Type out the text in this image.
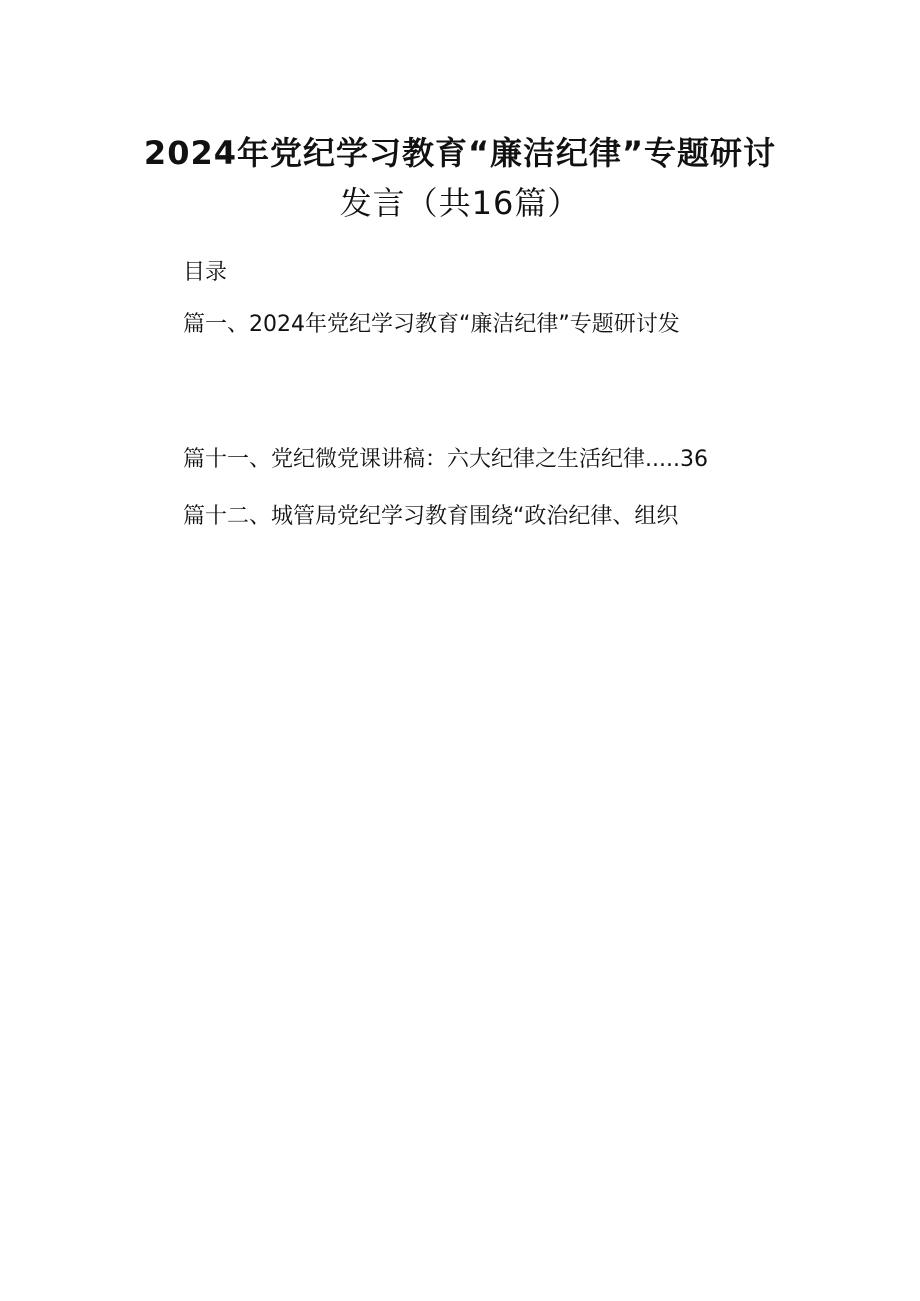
2024年党纪学习教育“廉洁纪律”专题研讨
发言（共16篇）

目录

篇一、2024年党纪学习教育“廉洁纪律”专题研讨发

篇十一、党纪微党课讲稿：六大纪律之生活纪律.....36

篇十二、城管局党纪学习教育围绕“政治纪律、组织
